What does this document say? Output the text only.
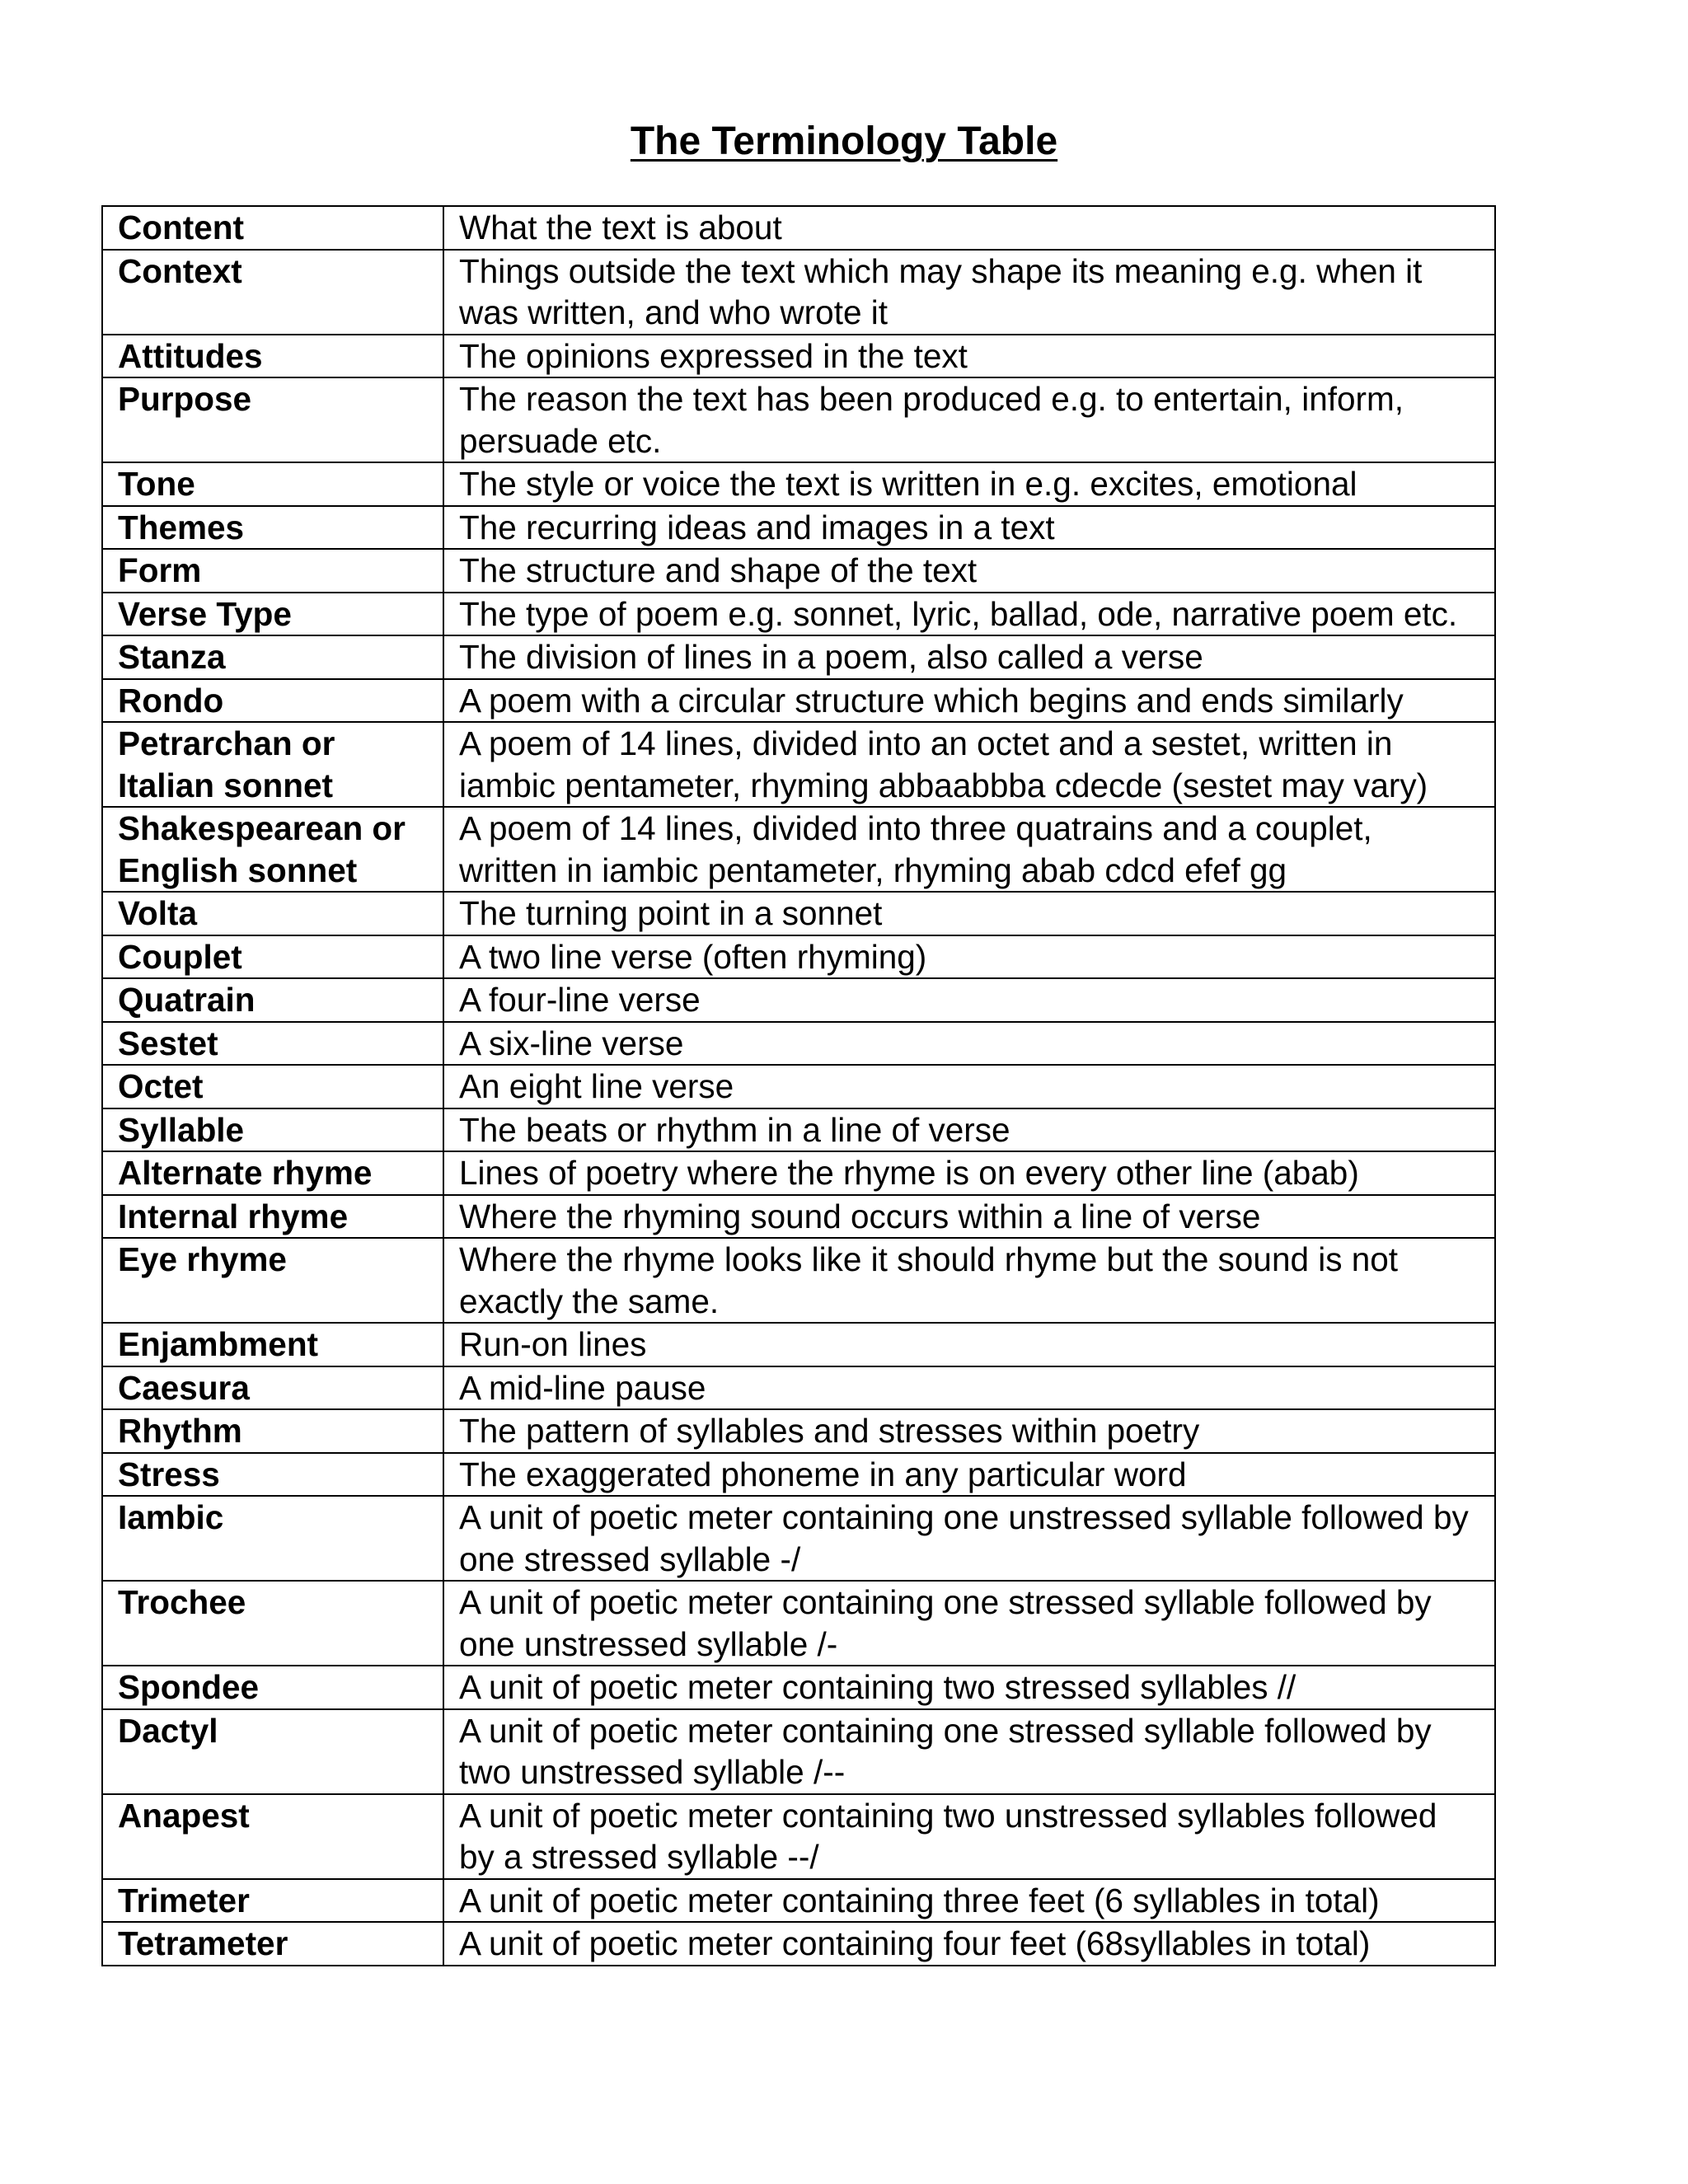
The Terminology Table
Content	What the text is about
Context	Things outside the text which may shape its meaning e.g. when it was written, and who wrote it
Attitudes	The opinions expressed in the text
Purpose	The reason the text has been produced e.g. to entertain, inform, persuade etc.
Tone	The style or voice the text is written in e.g. excites, emotional
Themes	The recurring ideas and images in a text
Form	The structure and shape of the text
Verse Type	The type of poem e.g. sonnet, lyric, ballad, ode, narrative poem etc.
Stanza	The division of lines in a poem, also called a verse
Rondo	A poem with a circular structure which begins and ends similarly
Petrarchan or Italian sonnet	A poem of 14 lines, divided into an octet and a sestet, written in iambic pentameter, rhyming abbaabbba cdecde (sestet may vary)
Shakespearean or English sonnet	A poem of 14 lines, divided into three quatrains and a couplet, written in iambic pentameter, rhyming abab cdcd efef gg
Volta	The turning point in a sonnet
Couplet	A two line verse (often rhyming)
Quatrain	A four-line verse
Sestet	A six-line verse
Octet	An eight line verse
Syllable	The beats or rhythm in a line of verse
Alternate rhyme	Lines of poetry where the rhyme is on every other line (abab)
Internal rhyme	Where the rhyming sound occurs within a line of verse
Eye rhyme	Where the rhyme looks like it should rhyme but the sound is not exactly the same.
Enjambment	Run-on lines
Caesura	A mid-line pause
Rhythm	The pattern of syllables and stresses within poetry
Stress	The exaggerated phoneme in any particular word
Iambic	A unit of poetic meter containing one unstressed syllable followed by one stressed syllable -/
Trochee	A unit of poetic meter containing one stressed syllable followed by one unstressed syllable /-
Spondee	A unit of poetic meter containing two stressed syllables //
Dactyl	A unit of poetic meter containing one stressed syllable followed by two unstressed syllable /--
Anapest	A unit of poetic meter containing two unstressed syllables followed by a stressed syllable --/
Trimeter	A unit of poetic meter containing three feet (6 syllables in total)
Tetrameter	A unit of poetic meter containing four feet (68syllables in total)
